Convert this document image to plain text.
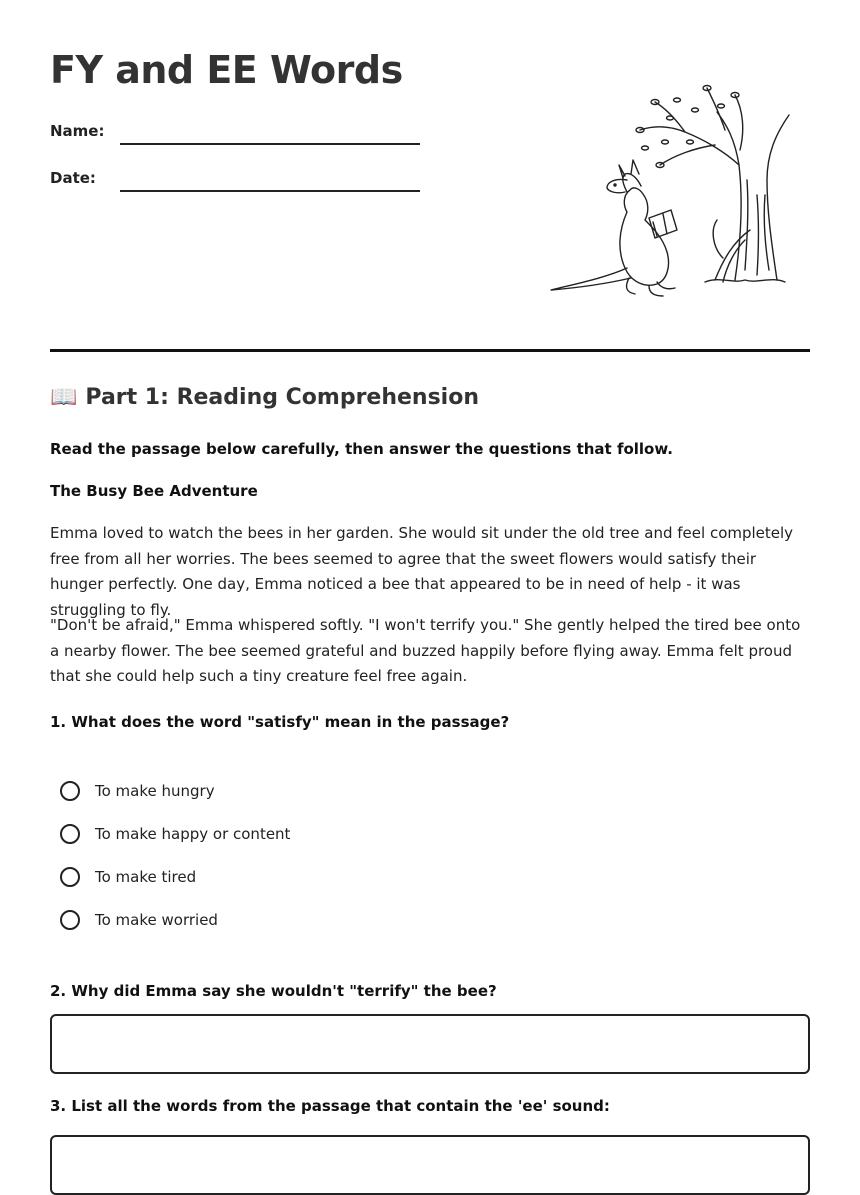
FY and EE Words
Name:
Date:
📖 Part 1: Reading Comprehension
Read the passage below carefully, then answer the questions that follow.
The Busy Bee Adventure

Emma loved to watch the bees in her garden. She would sit under the old tree and feel completely free from all her worries. The bees seemed to agree that the sweet flowers would satisfy their hunger perfectly. One day, Emma noticed a bee that appeared to be in need of help - it was struggling to fly.

"Don't be afraid," Emma whispered softly. "I won't terrify you." She gently helped the tired bee onto a nearby flower. The bee seemed grateful and buzzed happily before flying away. Emma felt proud that she could help such a tiny creature feel free again.

1. What does the word "satisfy" mean in the passage?
To make hungry
To make happy or content
To make tired
To make worried
2. Why did Emma say she wouldn't "terrify" the bee?
3. List all the words from the passage that contain the 'ee' sound:
